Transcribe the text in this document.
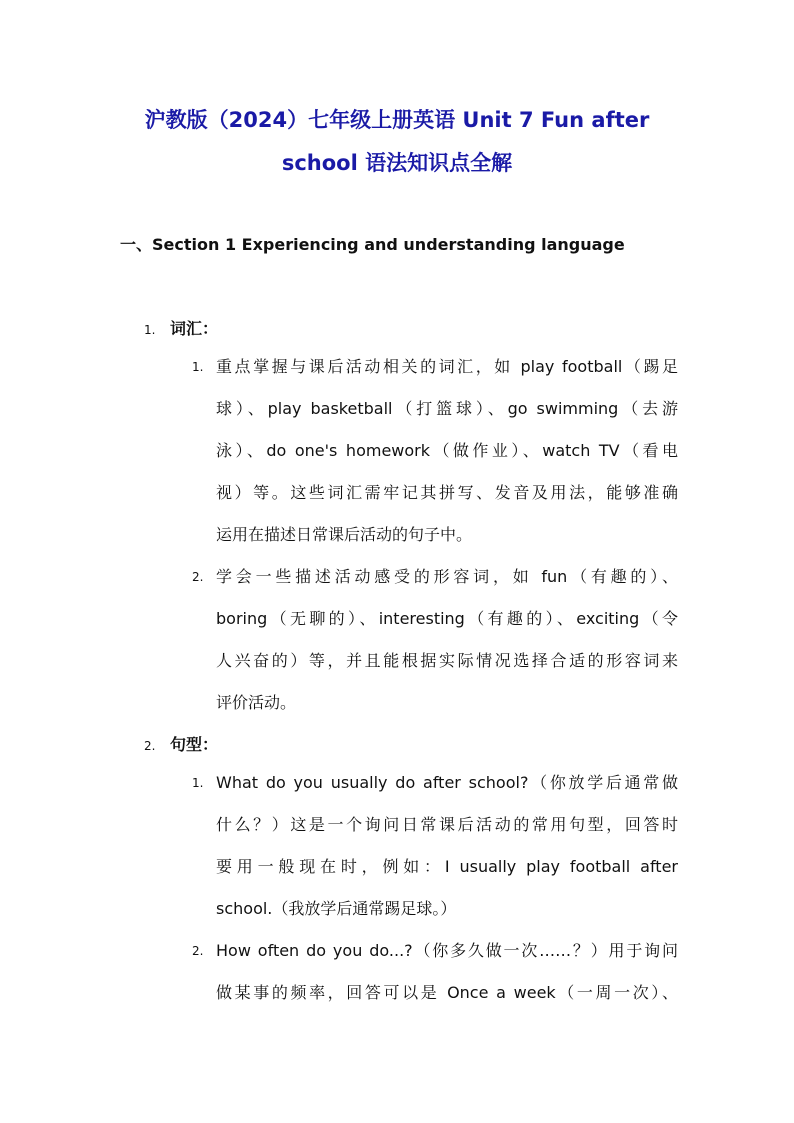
沪教版（2024）七年级上册英语 Unit 7 Fun after
school 语法知识点全解
一、Section 1 Experiencing and understanding language
1. 词汇：
1. 重点掌握与课后活动相关的词汇，如 play football（踢足
球）、play basketball（打篮球）、go swimming（去游
泳）、do one's homework（做作业）、watch TV（看电
视）等。这些词汇需牢记其拼写、发音及用法，能够准确
运用在描述日常课后活动的句子中。
2. 学会一些描述活动感受的形容词，如 fun（有趣的）、
boring（无聊的）、interesting（有趣的）、exciting（令
人兴奋的）等，并且能根据实际情况选择合适的形容词来
评价活动。
2. 句型：
1. What do you usually do after school?（你放学后通常做
什么？）这是一个询问日常课后活动的常用句型，回答时
要用一般现在时，例如：I usually play football after
school.（我放学后通常踢足球。）
2. How often do you do...?（你多久做一次……？）用于询问
做某事的频率，回答可以是 Once a week（一周一次）、
